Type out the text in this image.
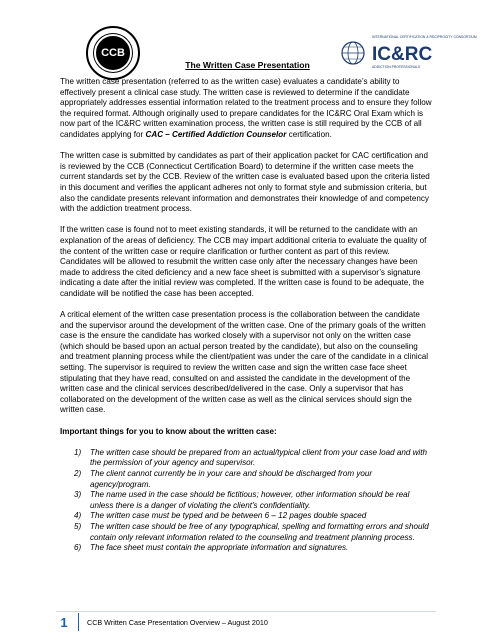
CCB
INTERNATIONAL CERTIFICATION & RECIPROCITY CONSORTIUM
IC&RC
ADDICTION PROFESSIONALS
The Written Case Presentation

The written case presentation (referred to as the written case) evaluates a candidate’s ability to effectively present a clinical case study. The written case is reviewed to determine if the candidate appropriately addresses essential information related to the treatment process and to ensure they follow the required format. Although originally used to prepare candidates for the IC&RC Oral Exam which is now part of the IC&RC written examination process, the written case is still required by the CCB of all candidates applying for CAC – Certified Addiction Counselor certification.

The written case is submitted by candidates as part of their application packet for CAC certification and is reviewed by the CCB (Connecticut Certification Board) to determine if the written case meets the current standards set by the CCB. Review of the written case is evaluated based upon the criteria listed in this document and verifies the applicant adheres not only to format style and submission criteria, but also the candidate presents relevant information and demonstrates their knowledge of and competency with the addiction treatment process.

If the written case is found not to meet existing standards, it will be returned to the candidate with an explanation of the areas of deficiency. The CCB may impart additional criteria to evaluate the quality of the content of the written case or require clarification or further content as part of this review. Candidates will be allowed to resubmit the written case only after the necessary changes have been made to address the cited deficiency and a new face sheet is submitted with a supervisor’s signature indicating a date after the initial review was completed. If the written case is found to be adequate, the candidate will be notified the case has been accepted.

A critical element of the written case presentation process is the collaboration between the candidate and the supervisor around the development of the written case. One of the primary goals of the written case is the ensure the candidate has worked closely with a supervisor not only on the written case (which should be based upon an actual person treated by the candidate), but also on the counseling and treatment planning process while the client/patient was under the care of the candidate in a clinical setting. The supervisor is required to review the written case and sign the written case face sheet stipulating that they have read, consulted on and assisted the candidate in the development of the written case and the clinical services described/delivered in the case. Only a supervisor that has collaborated on the development of the written case as well as the clinical services should sign the written case.

Important things for you to know about the written case:

1)	The written case should be prepared from an actual/typical client from your case load and with the permission of your agency and supervisor.
2)	The client cannot currently be in your care and should be discharged from your agency/program.
3)	The name used in the case should be fictitious; however, other information should be real unless there is a danger of violating the client's confidentiality.
4)	The written case must be typed and be between 6 – 12 pages double spaced
5)	The written case should be free of any typographical, spelling and formatting errors and should contain only relevant information related to the counseling and treatment planning process.
6)	The face sheet must contain the appropriate information and signatures.
1	CCB Written Case Presentation Overview – August 2010
